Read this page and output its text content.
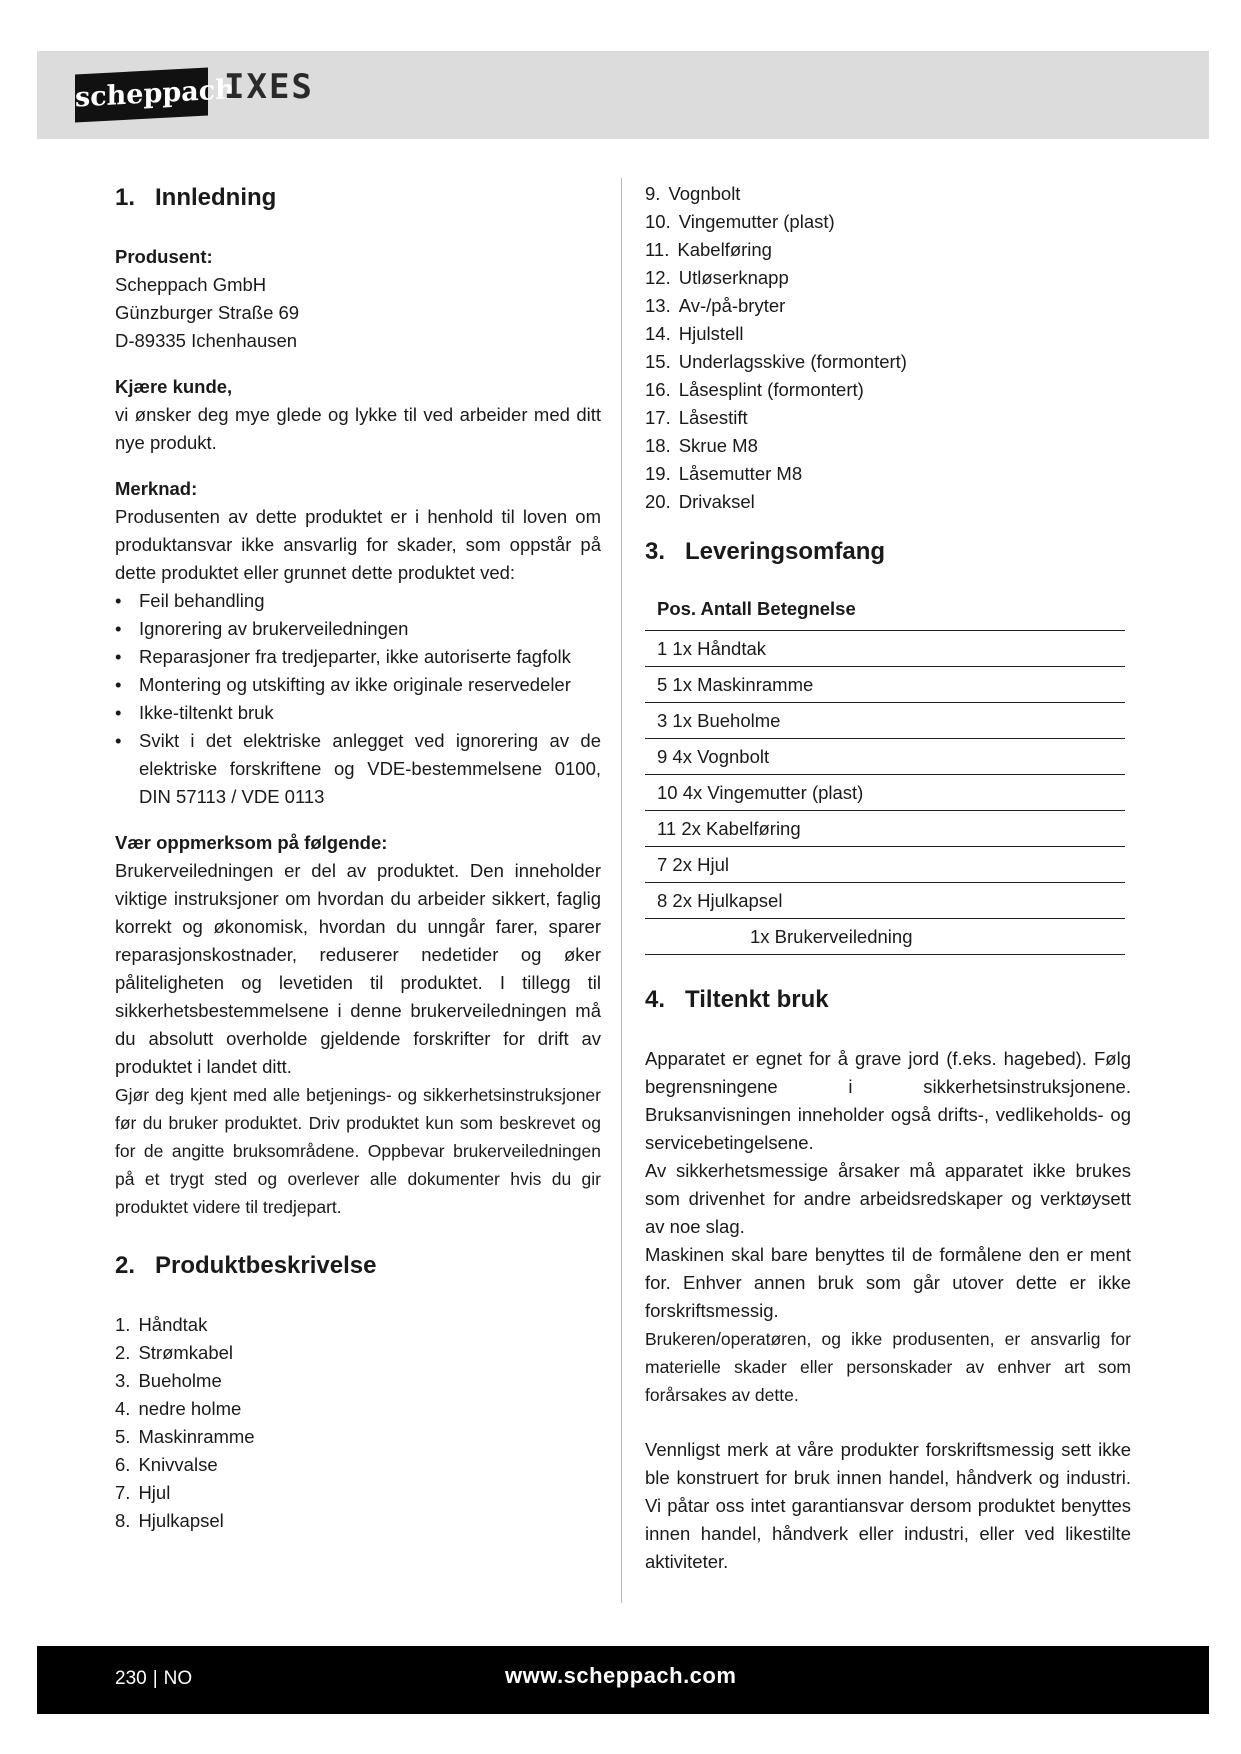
scheppach
IXES
1. Innledning
Produsent:
Scheppach GmbH
Günzburger Straße 69
D-89335 Ichenhausen
Kjære kunde,

vi ønsker deg mye glede og lykke til ved arbeider med ditt nye produkt.

Merknad:

Produsenten av dette produktet er i henhold til loven om produktansvar ikke ansvarlig for skader, som oppstår på dette produktet eller grunnet dette produktet ved:

• Feil behandling
• Ignorering av brukerveiledningen
• Reparasjoner fra tredjeparter, ikke autoriserte fagfolk
• Montering og utskifting av ikke originale reservedeler
• Ikke-tiltenkt bruk
• Svikt i det elektriske anlegget ved ignorering av de elektriske forskriftene og VDE-bestemmelsene 0100, DIN 57113 / VDE 0113
Vær oppmerksom på følgende:

Brukerveiledningen er del av produktet. Den inneholder viktige instruksjoner om hvordan du arbeider sikkert, faglig korrekt og økonomisk, hvordan du unngår farer, sparer reparasjonskostnader, reduserer nedetider og øker påliteligheten og levetiden til produktet. I tillegg til sikkerhetsbestemmelsene i denne brukerveiledningen må du absolutt overholde gjeldende forskrifter for drift av produktet i landet ditt.

Gjør deg kjent med alle betjenings- og sikkerhetsinstruksjoner før du bruker produktet. Driv produktet kun som beskrevet og for de angitte bruksområdene. Oppbevar brukerveiledningen på et trygt sted og overlever alle dokumenter hvis du gir produktet videre til tredjepart.

2. Produktbeskrivelse
1. Håndtak
2. Strømkabel
3. Bueholme
4. nedre holme
5. Maskinramme
6. Knivvalse
7. Hjul
8. Hjulkapsel
9. Vognbolt
10. Vingemutter (plast)
11. Kabelføring
12. Utløserknapp
13. Av-/på-bryter
14. Hjulstell
15. Underlagsskive (formontert)
16. Låsesplint (formontert)
17. Låsestift
18. Skrue M8
19. Låsemutter M8
20. Drivaksel
3. Leveringsomfang
Pos. Antall Betegnelse
1 1x Håndtak
5 1x Maskinramme
3 1x Bueholme
9 4x Vognbolt
10 4x Vingemutter (plast)
11 2x Kabelføring
7 2x Hjul
8 2x Hjulkapsel
1x Brukerveiledning
4. Tiltenkt bruk

Apparatet er egnet for å grave jord (f.eks. hagebed). Følg begrensningene i sikkerhetsinstruksjonene. Bruksanvisningen inneholder også drifts-, vedlikeholds- og servicebetingelsene.

Av sikkerhetsmessige årsaker må apparatet ikke brukes som drivenhet for andre arbeidsredskaper og verktøysett av noe slag.

Maskinen skal bare benyttes til de formålene den er ment for. Enhver annen bruk som går utover dette er ikke forskriftsmessig.

Brukeren/operatøren, og ikke produsenten, er ansvarlig for materielle skader eller personskader av enhver art som forårsakes av dette.

Vennligst merk at våre produkter forskriftsmessig sett ikke ble konstruert for bruk innen handel, håndverk og industri. Vi påtar oss intet garantiansvar dersom produktet benyttes innen handel, håndverk eller industri, eller ved likestilte aktiviteter.

230 | NO	www.scheppach.com
